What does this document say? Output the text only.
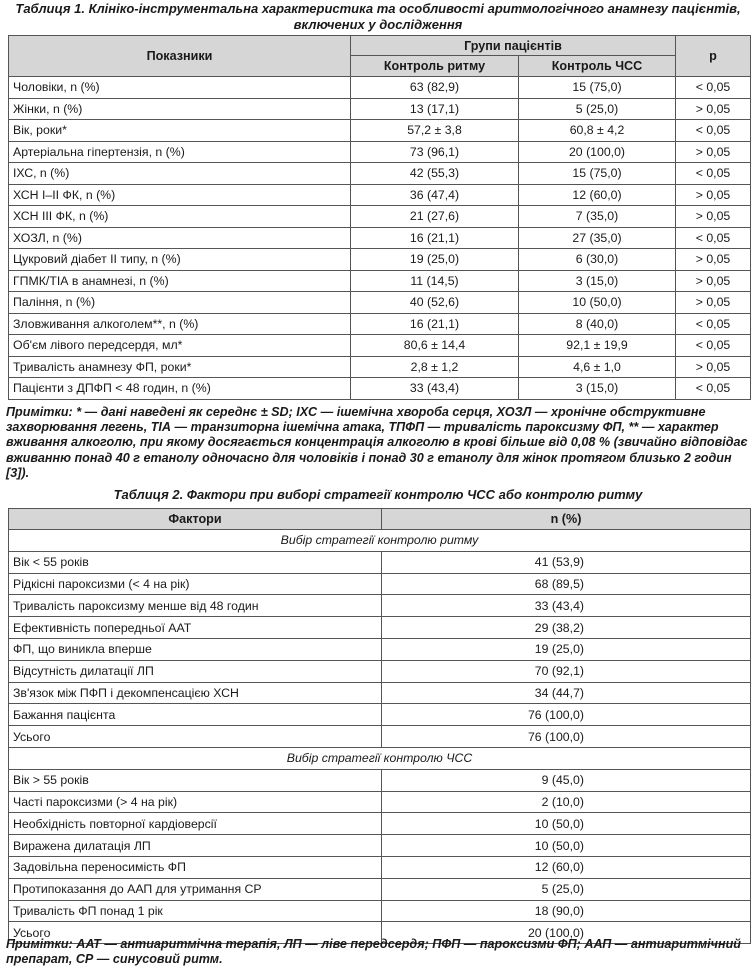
Таблиця 1. Клініко-інструментальна характеристика та особливості аритмологічного анамнезу пацієнтів, включених у дослідження
Показники	Групи пацієнтів		p
	Контроль ритму	Контроль ЧСС	
Чоловіки, n (%)	63 (82,9)	15 (75,0)	< 0,05
Жінки, n (%)	13 (17,1)	5 (25,0)	> 0,05
Вік, роки*	57,2 ± 3,8	60,8 ± 4,2	< 0,05
Артеріальна гіпертензія, n (%)	73 (96,1)	20 (100,0)	> 0,05
ІХС, n (%)	42 (55,3)	15 (75,0)	< 0,05
ХСН І–ІІ ФК, n (%)	36 (47,4)	12 (60,0)	> 0,05
ХСН ІІІ ФК, n (%)	21 (27,6)	7 (35,0)	> 0,05
ХОЗЛ, n (%)	16 (21,1)	27 (35,0)	< 0,05
Цукровий діабет ІІ типу, n (%)	19 (25,0)	6 (30,0)	> 0,05
ГПМК/ТІА в анамнезі, n (%)	11 (14,5)	3 (15,0)	> 0,05
Паління, n (%)	40 (52,6)	10 (50,0)	> 0,05
Зловживання алкоголем**, n (%)	16 (21,1)	8 (40,0)	< 0,05
Об'єм лівого передсердя, мл*	80,6 ± 14,4	92,1 ± 19,9	< 0,05
Тривалість анамнезу ФП, роки*	2,8 ± 1,2	4,6 ± 1,0	> 0,05
Пацієнти з ДПФП < 48 годин, n (%)	33 (43,4)	3 (15,0)	< 0,05
Примітки: * — дані наведені як середнє ± SD; ІХС — ішемічна хвороба серця, ХОЗЛ — хронічне обструктивне захворювання легень, ТІА — транзиторна ішемічна атака, ТПФП — тривалість пароксизму ФП, ** — характер вживання алкоголю, при якому досягається концентрація алкоголю в крові більше від 0,08 % (звичайно відповідає вживанню понад 40 г етанолу одночасно для чоловіків і понад 30 г етанолу для жінок протягом близько 2 годин [3]).
Таблиця 2. Фактори при виборі стратегії контролю ЧСС або контролю ритму
Фактори	n (%)
Вибір стратегії контролю ритму	
Вік < 55 років	41 (53,9)
Рідкісні пароксизми (< 4 на рік)	68 (89,5)
Тривалість пароксизму менше від 48 годин	33 (43,4)
Ефективність попередньої ААТ	29 (38,2)
ФП, що виникла вперше	19 (25,0)
Відсутність дилатації ЛП	70 (92,1)
Зв'язок між ПФП і декомпенсацією ХСН	34 (44,7)
Бажання пацієнта	76 (100,0)
Усього	76 (100,0)
Вибір стратегії контролю ЧСС	
Вік > 55 років	9 (45,0)
Часті пароксизми (> 4 на рік)	2 (10,0)
Необхідність повторної кардіоверсії	10 (50,0)
Виражена дилатація ЛП	10 (50,0)
Задовільна переносимість ФП	12 (60,0)
Протипоказання до ААП для утримання СР	5 (25,0)
Тривалість ФП понад 1 рік	18 (90,0)
Усього	20 (100,0)
Примітки: ААТ — антиаритмічна терапія, ЛП — ліве передсердя; ПФП — пароксизми ФП; ААП — антиаритмічний препарат, СР — синусовий ритм.
